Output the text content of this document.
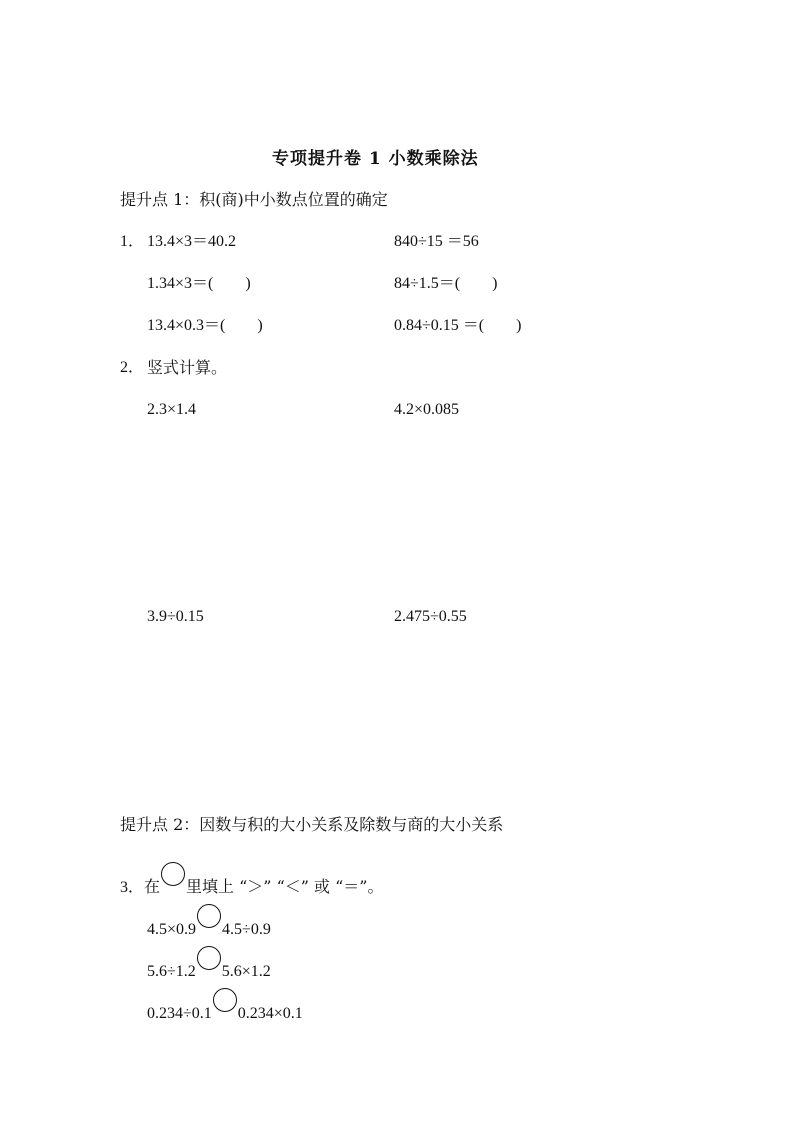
专项提升卷 1 小数乘除法
提升点 1：积(商)中小数点位置的确定
1． 13.4×3＝40.2
1.34×3＝(　　)
13.4×0.3＝(　　)
840÷15 ＝56
84÷1.5＝(　　)
0.84÷0.15 ＝(　　)
2． 竖式计算。
2.3×1.4	4.2×0.085
3.9÷0.15	2.475÷0.55
提升点 2：因数与积的大小关系及除数与商的大小关系
3．在 里填上 “＞” “＜” 或 “＝”。
4.5×0.9 4.5÷0.9
5.6÷1.2 5.6×1.2
0.234÷0.1 0.234×0.1
